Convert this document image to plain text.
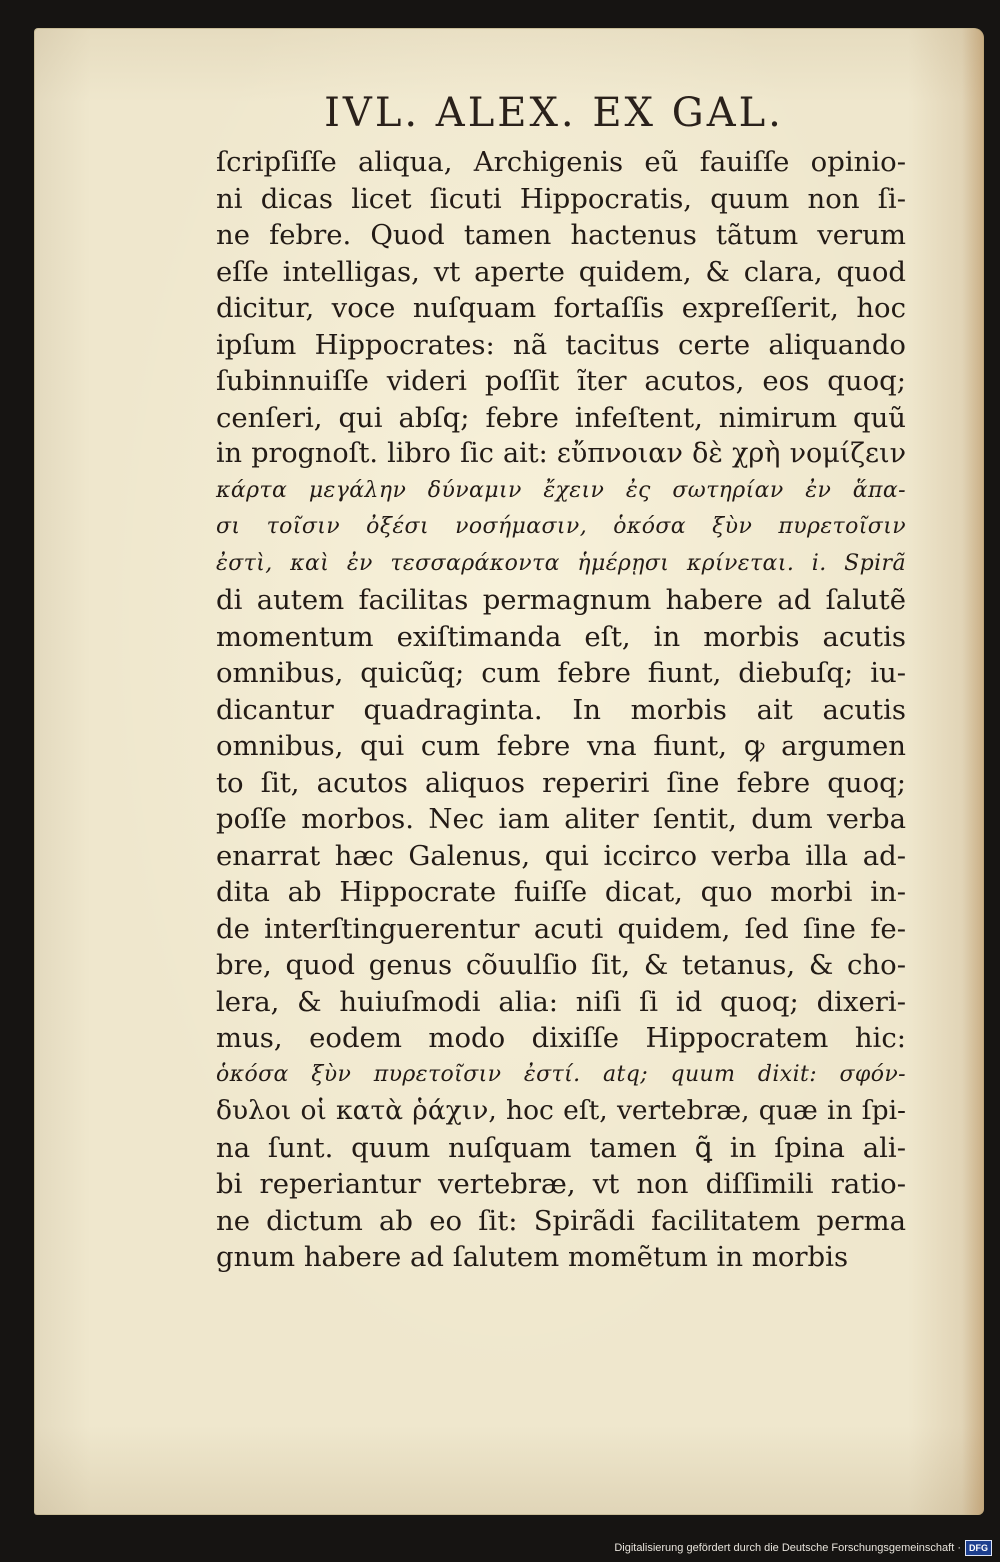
IVL. ALEX. EX GAL.
ſcripſiſſe aliqua, Archigenis eũ fauiſſe opinio-
ni dicas licet ſicuti Hippocratis, quum non ſi-
ne febre. Quod tamen hactenus tãtum verum
eſſe intelligas, vt aperte quidem, & clara, quod
dicitur, voce nuſquam fortaſſis expreſſerit, hoc
ipſum Hippocrates: nã tacitus certe aliquando
ſubinnuiſſe videri poſſit ĩter acutos, eos quoq;
cenſeri, qui abſq; febre infeſtent, nimirum quũ
in prognoſt. libro ſic ait: εὔπνοιαν δὲ χρὴ νομίζειν
κάρτα μεγάλην δύναμιν ἔχειν ἐς σωτηρίαν ἐν ἅπα-
σι τοῖσιν ὀξέσι νοσήμασιν, ὁκόσα ξὺν πυρετοῖσιν
ἐστὶ, καὶ ἐν τεσσαράκοντα ἡμέρῃσι κρίνεται. i. Spirã
di autem facilitas permagnum habere ad ſalutẽ
momentum exiſtimanda eſt, in morbis acutis
omnibus, quicũq; cum febre fiunt, diebuſq; iu-
dicantur quadraginta. In morbis ait acutis
omnibus, qui cum febre vna fiunt, ꝙ argumen
to ſit, acutos aliquos reperiri ſine febre quoq;
poſſe morbos. Nec iam aliter ſentit, dum verba
enarrat hæc Galenus, qui iccirco verba illa ad-
dita ab Hippocrate fuiſſe dicat, quo morbi in-
de interſtinguerentur acuti quidem, ſed ſine fe-
bre, quod genus cõuulſio ſit, & tetanus, & cho-
lera, & huiuſmodi alia: niſi ſi id quoq; dixeri-
mus, eodem modo dixiſſe Hippocratem hic:
ὁκόσα ξὺν πυρετοῖσιν ἐστί. atq; quum dixit: σφόν-
δυλοι οἱ κατὰ ῥάχιν, hoc eſt, vertebræ, quæ in ſpi-
na ſunt. quum nuſquam tamen ꝗ̃ in ſpina ali-
bi reperiantur vertebræ, vt non diſſimili ratio-
ne dictum ab eo ſit: Spirãdi facilitatem perma
gnum habere ad ſalutem momẽtum in morbis
Digitalisierung gefördert durch die Deutsche Forschungsgemeinschaft · DFG
